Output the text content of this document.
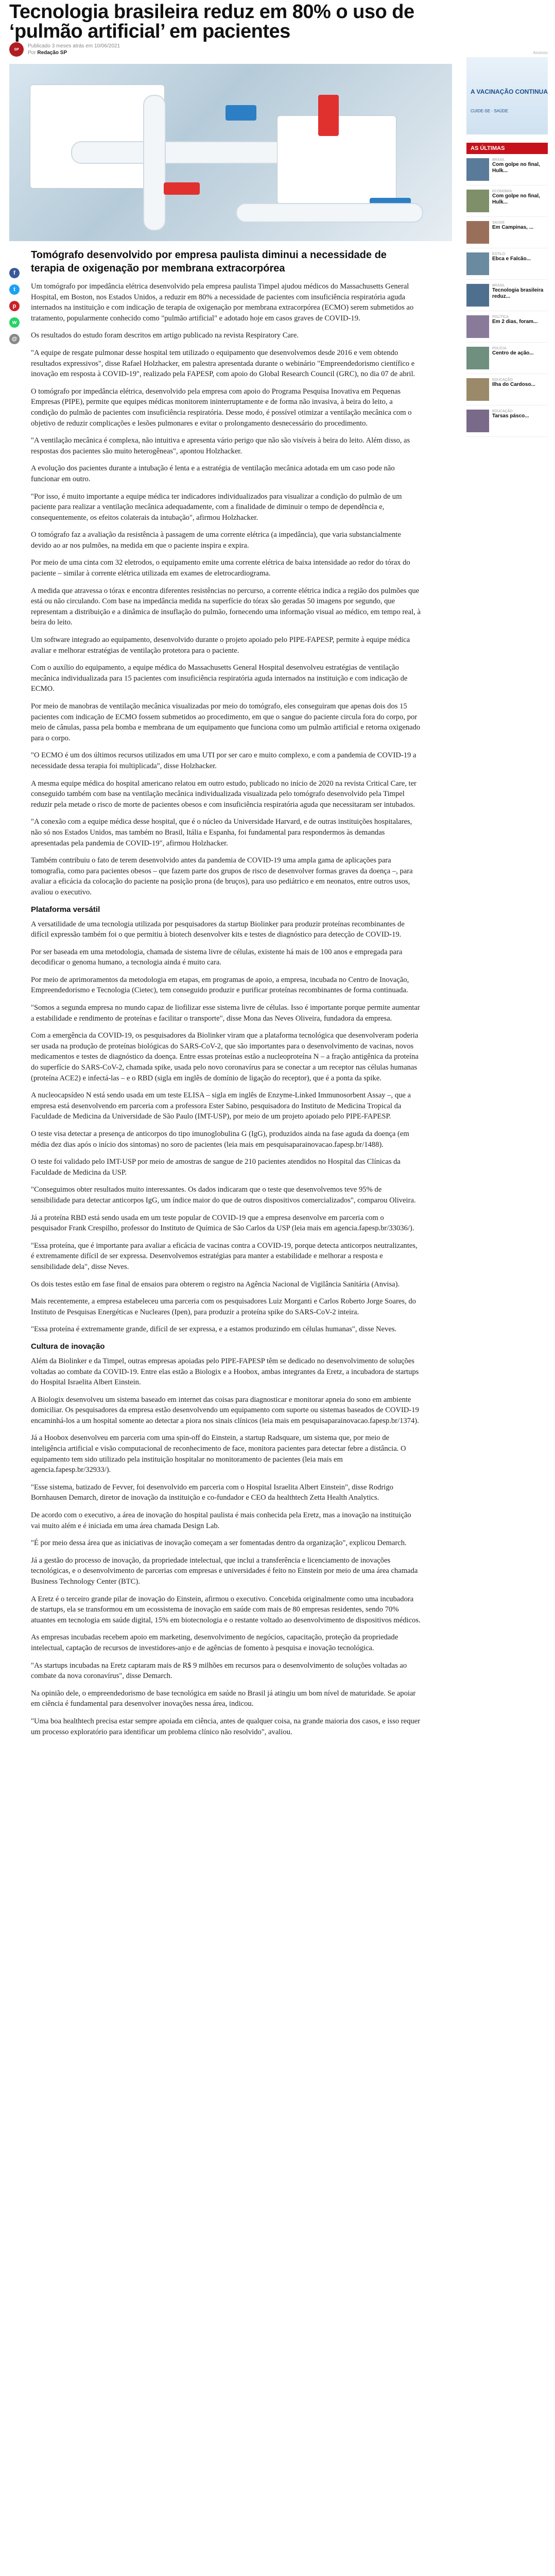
Tecnologia brasileira reduz em 80% o uso de ‘pulmão artificial’ em pacientes
SP
Publicado 3 meses atrás em 10/06/2021
Por Redação SP
f
t
p
w
@
Tomógrafo desenvolvido por empresa paulista diminui a necessidade de terapia de oxigenação por membrana extracorpórea

Um tomógrafo por impedância elétrica desenvolvido pela empresa paulista Timpel ajudou médicos do Massachusetts General Hospital, em Boston, nos Estados Unidos, a reduzir em 80% a necessidade de pacientes com insuficiência respiratória aguda internados na instituição e com indicação de terapia de oxigenação por membrana extracorpórea (ECMO) serem submetidos ao tratamento, popularmente conhecido como "pulmão artificial" e adotado hoje em casos graves de COVID-19.

Os resultados do estudo foram descritos em artigo publicado na revista Respiratory Care.

"A equipe de resgate pulmonar desse hospital tem utilizado o equipamento que desenvolvemos desde 2016 e vem obtendo resultados expressivos", disse Rafael Holzhacker, em palestra apresentada durante o webinário "Empreendedorismo científico e inovação em resposta à COVID-19", realizado pela FAPESP, com apoio do Global Research Council (GRC), no dia 07 de abril.

O tomógrafo por impedância elétrica, desenvolvido pela empresa com apoio do Programa Pesquisa Inovativa em Pequenas Empresas (PIPE), permite que equipes médicas monitorem ininterruptamente e de forma não invasiva, à beira do leito, a condição do pulmão de pacientes com insuficiência respiratória. Desse modo, é possível otimizar a ventilação mecânica com o objetivo de reduzir complicações e lesões pulmonares e evitar o prolongamento desnecessário do procedimento.

"A ventilação mecânica é complexa, não intuitiva e apresenta vário perigo que não são visíveis à beira do leito. Além disso, as respostas dos pacientes são muito heterogêneas", apontou Holzhacker.

A evolução dos pacientes durante a intubação é lenta e a estratégia de ventilação mecânica adotada em um caso pode não funcionar em outro.

"Por isso, é muito importante a equipe médica ter indicadores individualizados para visualizar a condição do pulmão de um paciente para realizar a ventilação mecânica adequadamente, com a finalidade de diminuir o tempo de dependência e, consequentemente, os efeitos colaterais da intubação", afirmou Holzhacker.

O tomógrafo faz a avaliação da resistência à passagem de uma corrente elétrica (a impedância), que varia substancialmente devido ao ar nos pulmões, na medida em que o paciente inspira e expira.

Por meio de uma cinta com 32 eletrodos, o equipamento emite uma corrente elétrica de baixa intensidade ao redor do tórax do paciente – similar à corrente elétrica utilizada em exames de eletrocardiograma.

A medida que atravessa o tórax e encontra diferentes resistências no percurso, a corrente elétrica indica a região dos pulmões que está ou não circulando. Com base na impedância medida na superfície do tórax são geradas 50 imagens por segundo, que representam a distribuição e a dinâmica de insuflação do pulmão, fornecendo uma informação visual ao médico, em tempo real, à beira do leito.

Um software integrado ao equipamento, desenvolvido durante o projeto apoiado pelo PIPE-FAPESP, permite à equipe médica avaliar e melhorar estratégias de ventilação protetora para o paciente.

Com o auxílio do equipamento, a equipe médica do Massachusetts General Hospital desenvolveu estratégias de ventilação mecânica individualizada para 15 pacientes com insuficiência respiratória aguda internados na instituição e com indicação de ECMO.

Por meio de manobras de ventilação mecânica visualizadas por meio do tomógrafo, eles conseguiram que apenas dois dos 15 pacientes com indicação de ECMO fossem submetidos ao procedimento, em que o sangue do paciente circula fora do corpo, por meio de cânulas, passa pela bomba e membrana de um equipamento que funciona como um pulmão artificial e retorna oxigenado para o corpo.

"O ECMO é um dos últimos recursos utilizados em uma UTI por ser caro e muito complexo, e com a pandemia de COVID-19 a necessidade dessa terapia foi multiplicada", disse Holzhacker.

A mesma equipe médica do hospital americano relatou em outro estudo, publicado no início de 2020 na revista Critical Care, ter conseguido também com base na ventilação mecânica individualizada visualizada pelo tomógrafo desenvolvido pela Timpel reduzir pela metade o risco de morte de pacientes obesos e com insuficiência respiratória aguda que necessitaram ser intubados.

"A conexão com a equipe médica desse hospital, que é o núcleo da Universidade Harvard, e de outras instituições hospitalares, não só nos Estados Unidos, mas também no Brasil, Itália e Espanha, foi fundamental para respondermos às demandas apresentadas pela pandemia de COVID-19", afirmou Holzhacker.

Também contribuiu o fato de terem desenvolvido antes da pandemia de COVID-19 uma ampla gama de aplicações para tomografia, como para pacientes obesos – que fazem parte dos grupos de risco de desenvolver formas graves da doença –, para avaliar a eficácia da colocação do paciente na posição prona (de bruços), para uso pediátrico e em neonatos, entre outros usos, avaliou o executivo.

Plataforma versátil

A versatilidade de uma tecnologia utilizada por pesquisadores da startup Biolinker para produzir proteínas recombinantes de difícil expressão também foi o que permitiu à biotech desenvolver kits e testes de diagnóstico para detecção de COVID-19.

Por ser baseada em uma metodologia, chamada de sistema livre de células, existente há mais de 100 anos e empregada para decodificar o genoma humano, a tecnologia ainda é muito cara.

Por meio de aprimoramentos da metodologia em etapas, em programas de apoio, a empresa, incubada no Centro de Inovação, Empreendedorismo e Tecnologia (Cietec), tem conseguido produzir e purificar proteínas recombinantes de forma continuada.

"Somos a segunda empresa no mundo capaz de liofilizar esse sistema livre de células. Isso é importante porque permite aumentar a estabilidade e rendimento de proteínas e facilitar o transporte", disse Mona das Neves Oliveira, fundadora da empresa.

Com a emergência da COVID-19, os pesquisadores da Biolinker viram que a plataforma tecnológica que desenvolveram poderia ser usada na produção de proteínas biológicas do SARS-CoV-2, que são importantes para o desenvolvimento de vacinas, novos medicamentos e testes de diagnóstico da doença. Entre essas proteínas estão a nucleoproteína N – a fração antigênica da proteína do superfície do SARS-CoV-2, chamada spike, usada pelo novo coronavírus para se conectar a um receptor nas células humanas (proteína ACE2) e infectá-las – e o RBD (sigla em inglês de domínio de ligação do receptor), que é a ponta da spike.

A nucleocapsídeo N está sendo usada em um teste ELISA – sigla em inglês de Enzyme-Linked Immunosorbent Assay –, que a empresa está desenvolvendo em parceria com a professora Ester Sabino, pesquisadora do Instituto de Medicina Tropical da Faculdade de Medicina da Universidade de São Paulo (IMT-USP), por meio de um projeto apoiado pelo PIPE-FAPESP.

O teste visa detectar a presença de anticorpos do tipo imunoglobulina G (IgG), produzidos ainda na fase aguda da doença (em média dez dias após o início dos sintomas) no soro de pacientes (leia mais em pesquisaparainovacao.fapesp.br/1488).

O teste foi validado pelo IMT-USP por meio de amostras de sangue de 210 pacientes atendidos no Hospital das Clínicas da Faculdade de Medicina da USP.

"Conseguimos obter resultados muito interessantes. Os dados indicaram que o teste que desenvolvemos teve 95% de sensibilidade para detectar anticorpos IgG, um índice maior do que de outros dispositivos comercializados", comparou Oliveira.

Já a proteína RBD está sendo usada em um teste popular de COVID-19 que a empresa desenvolve em parceria com o pesquisador Frank Crespilho, professor do Instituto de Química de São Carlos da USP (leia mais em agencia.fapesp.br/33036/).

"Essa proteína, que é importante para avaliar a eficácia de vacinas contra a COVID-19, porque detecta anticorpos neutralizantes, é extremamente difícil de ser expressa. Desenvolvemos estratégias para manter a estabilidade e melhorar a resposta e sensibilidade dela", disse Neves.

Os dois testes estão em fase final de ensaios para obterem o registro na Agência Nacional de Vigilância Sanitária (Anvisa).

Mais recentemente, a empresa estabeleceu uma parceria com os pesquisadores Luiz Morganti e Carlos Roberto Jorge Soares, do Instituto de Pesquisas Energéticas e Nucleares (Ipen), para produzir a proteína spike do SARS-CoV-2 inteira.

"Essa proteína é extremamente grande, difícil de ser expressa, e a estamos produzindo em células humanas", disse Neves.

Cultura de inovação

Além da Biolinker e da Timpel, outras empresas apoiadas pelo PIPE-FAPESP têm se dedicado no desenvolvimento de soluções voltadas ao combate da COVID-19. Entre elas estão a Biologix e a Hoobox, ambas integrantes da Eretz, a incubadora de startups do Hospital Israelita Albert Einstein.

A Biologix desenvolveu um sistema baseado em internet das coisas para diagnosticar e monitorar apneia do sono em ambiente domiciliar. Os pesquisadores da empresa estão desenvolvendo um equipamento com suporte ou sistemas baseados de COVID-19 encaminhá-los a um hospital somente ao detectar a piora nos sinais clínicos (leia mais em pesquisaparainovacao.fapesp.br/1374).

Já a Hoobox desenvolveu em parceria com uma spin-off do Einstein, a startup Radsquare, um sistema que, por meio de inteligência artificial e visão computacional de reconhecimento de face, monitora pacientes para detectar febre a distância. O equipamento tem sido utilizado pela instituição hospitalar no monitoramento de pacientes (leia mais em agencia.fapesp.br/32933/).

"Esse sistema, batizado de Fevver, foi desenvolvido em parceria com o Hospital Israelita Albert Einstein", disse Rodrigo Bornhausen Demarch, diretor de inovação da instituição e co-fundador e CEO da healthtech Zetta Health Analytics.

De acordo com o executivo, a área de inovação do hospital paulista é mais conhecida pela Eretz, mas a inovação na instituição vai muito além e é iniciada em uma área chamada Design Lab.

"É por meio dessa área que as iniciativas de inovação começam a ser fomentadas dentro da organização", explicou Demarch.

Já a gestão do processo de inovação, da propriedade intelectual, que inclui a transferência e licenciamento de inovações tecnológicas, e o desenvolvimento de parcerias com empresas e universidades é feito no Einstein por meio de uma área chamada Business Technology Center (BTC).

A Eretz é o terceiro grande pilar de inovação do Einstein, afirmou o executivo. Concebida originalmente como uma incubadora de startups, ela se transformou em um ecossistema de inovação em saúde com mais de 80 empresas residentes, sendo 70% atuantes em tecnologia em saúde digital, 15% em biotecnologia e o restante voltado ao desenvolvimento de dispositivos médicos.

As empresas incubadas recebem apoio em marketing, desenvolvimento de negócios, capacitação, proteção da propriedade intelectual, captação de recursos de investidores-anjo e de agências de fomento à pesquisa e inovação tecnológica.

"As startups incubadas na Eretz captaram mais de R$ 9 milhões em recursos para o desenvolvimento de soluções voltadas ao combate da nova coronavírus", disse Demarch.

Na opinião dele, o empreendedorismo de base tecnológica em saúde no Brasil já atingiu um bom nível de maturidade. Se apoiar em ciência é fundamental para desenvolver inovações nessa área, indicou.

"Uma boa healthtech precisa estar sempre apoiada em ciência, antes de qualquer coisa, na grande maioria dos casos, e isso requer um processo exploratório para identificar um problema clínico não resolvido", avaliou.

Anúncio
A VACINAÇÃO CONTINUA
CUIDE-SE · SAÚDE
AS ÚLTIMAS
BRASIL
Com golpe no final, Hulk...
ECONOMIA
Com golpe no final, Hulk...
SAÚDE
Em Campinas, ...
ESTILO
Ebca e Falcão...
BRASIL
Tecnologia brasileira reduz...
POLÍTICA
Em 2 dias, foram...
POLÍCIA
Centro de ação...
EDUCAÇÃO
Ilha do Cardoso...
EDUCAÇÃO
Tarsas pásco...
